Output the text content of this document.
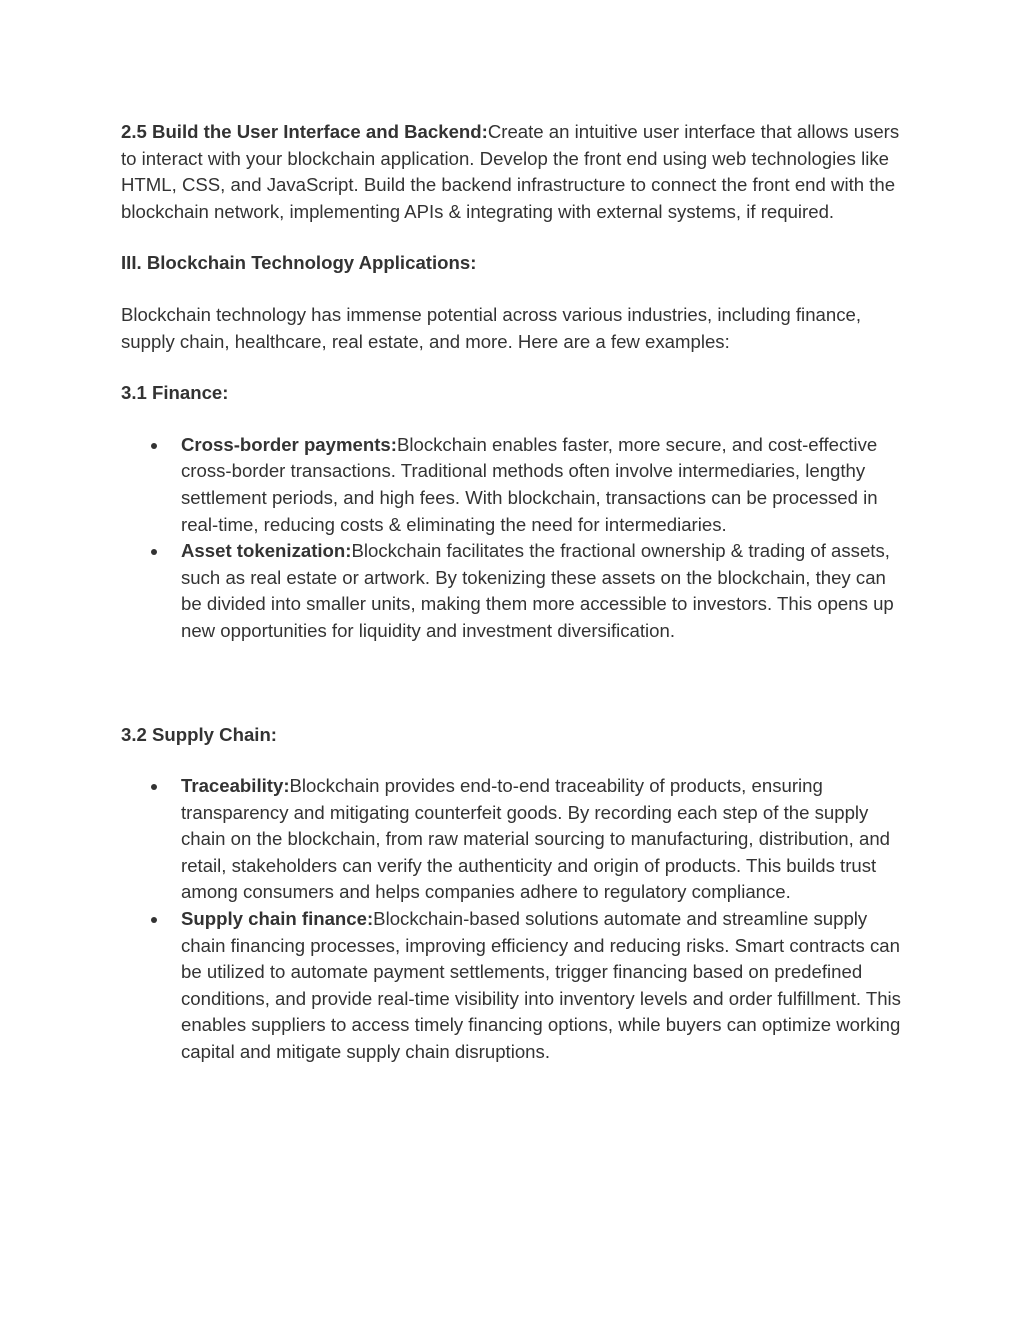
2.5 Build the User Interface and Backend:Create an intuitive user interface that allows users to interact with your blockchain application. Develop the front end using web technologies like HTML, CSS, and JavaScript. Build the backend infrastructure to connect the front end with the blockchain network, implementing APIs & integrating with external systems, if required.

III. Blockchain Technology Applications:

Blockchain technology has immense potential across various industries, including finance, supply chain, healthcare, real estate, and more. Here are a few examples:

3.1 Finance:

Cross-border payments:Blockchain enables faster, more secure, and cost-effective cross-border transactions. Traditional methods often involve intermediaries, lengthy settlement periods, and high fees. With blockchain, transactions can be processed in real-time, reducing costs & eliminating the need for intermediaries.
Asset tokenization:Blockchain facilitates the fractional ownership & trading of assets, such as real estate or artwork. By tokenizing these assets on the blockchain, they can be divided into smaller units, making them more accessible to investors. This opens up new opportunities for liquidity and investment diversification.

3.2 Supply Chain:

Traceability:Blockchain provides end-to-end traceability of products, ensuring transparency and mitigating counterfeit goods. By recording each step of the supply chain on the blockchain, from raw material sourcing to manufacturing, distribution, and retail, stakeholders can verify the authenticity and origin of products. This builds trust among consumers and helps companies adhere to regulatory compliance.
Supply chain finance:Blockchain-based solutions automate and streamline supply chain financing processes, improving efficiency and reducing risks. Smart contracts can be utilized to automate payment settlements, trigger financing based on predefined conditions, and provide real-time visibility into inventory levels and order fulfillment. This enables suppliers to access timely financing options, while buyers can optimize working capital and mitigate supply chain disruptions.
